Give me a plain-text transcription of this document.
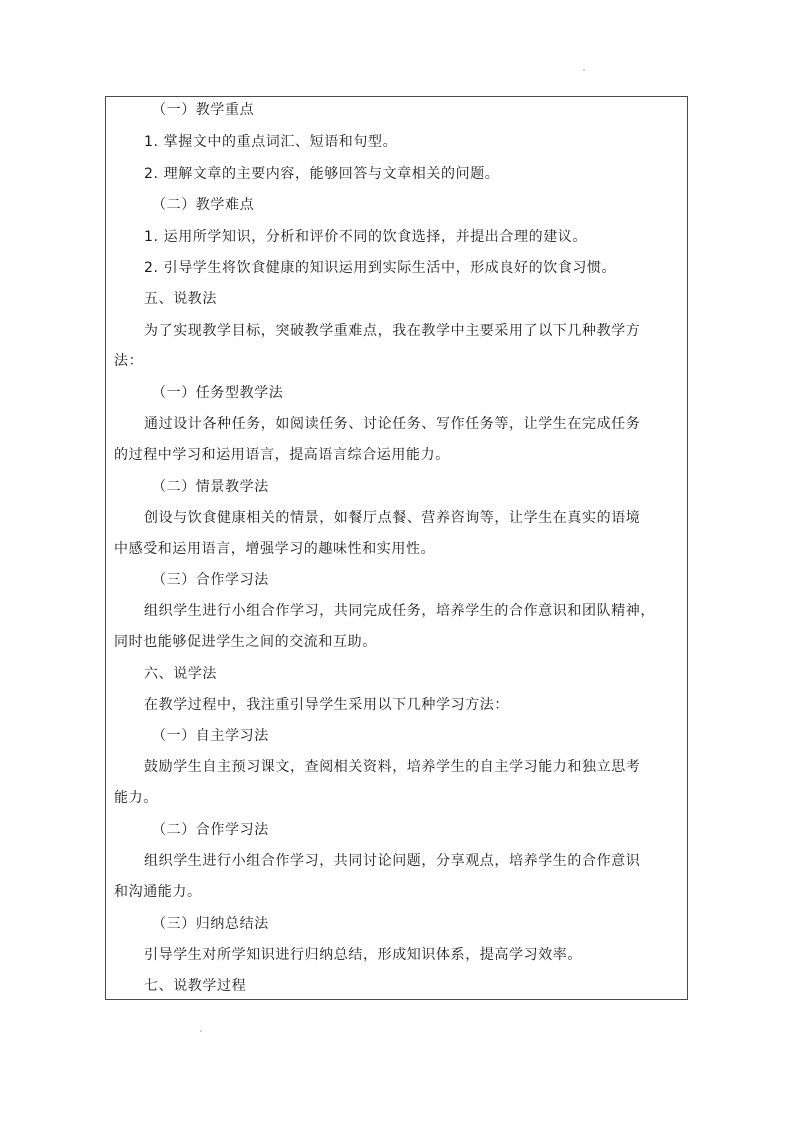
（一）教学重点
1. 掌握文中的重点词汇、短语和句型。
2. 理解文章的主要内容，能够回答与文章相关的问题。
（二）教学难点
1. 运用所学知识，分析和评价不同的饮食选择，并提出合理的建议。
2. 引导学生将饮食健康的知识运用到实际生活中，形成良好的饮食习惯。
五、说教法
为了实现教学目标，突破教学重难点，我在教学中主要采用了以下几种教学方
法：
（一）任务型教学法
通过设计各种任务，如阅读任务、讨论任务、写作任务等，让学生在完成任务
的过程中学习和运用语言，提高语言综合运用能力。
（二）情景教学法
创设与饮食健康相关的情景，如餐厅点餐、营养咨询等，让学生在真实的语境
中感受和运用语言，增强学习的趣味性和实用性。
（三）合作学习法
组织学生进行小组合作学习，共同完成任务，培养学生的合作意识和团队精神，
同时也能够促进学生之间的交流和互助。
六、说学法
在教学过程中，我注重引导学生采用以下几种学习方法：
（一）自主学习法
鼓励学生自主预习课文，查阅相关资料，培养学生的自主学习能力和独立思考
能力。
（二）合作学习法
组织学生进行小组合作学习，共同讨论问题，分享观点，培养学生的合作意识
和沟通能力。
（三）归纳总结法
引导学生对所学知识进行归纳总结，形成知识体系，提高学习效率。
七、说教学过程
